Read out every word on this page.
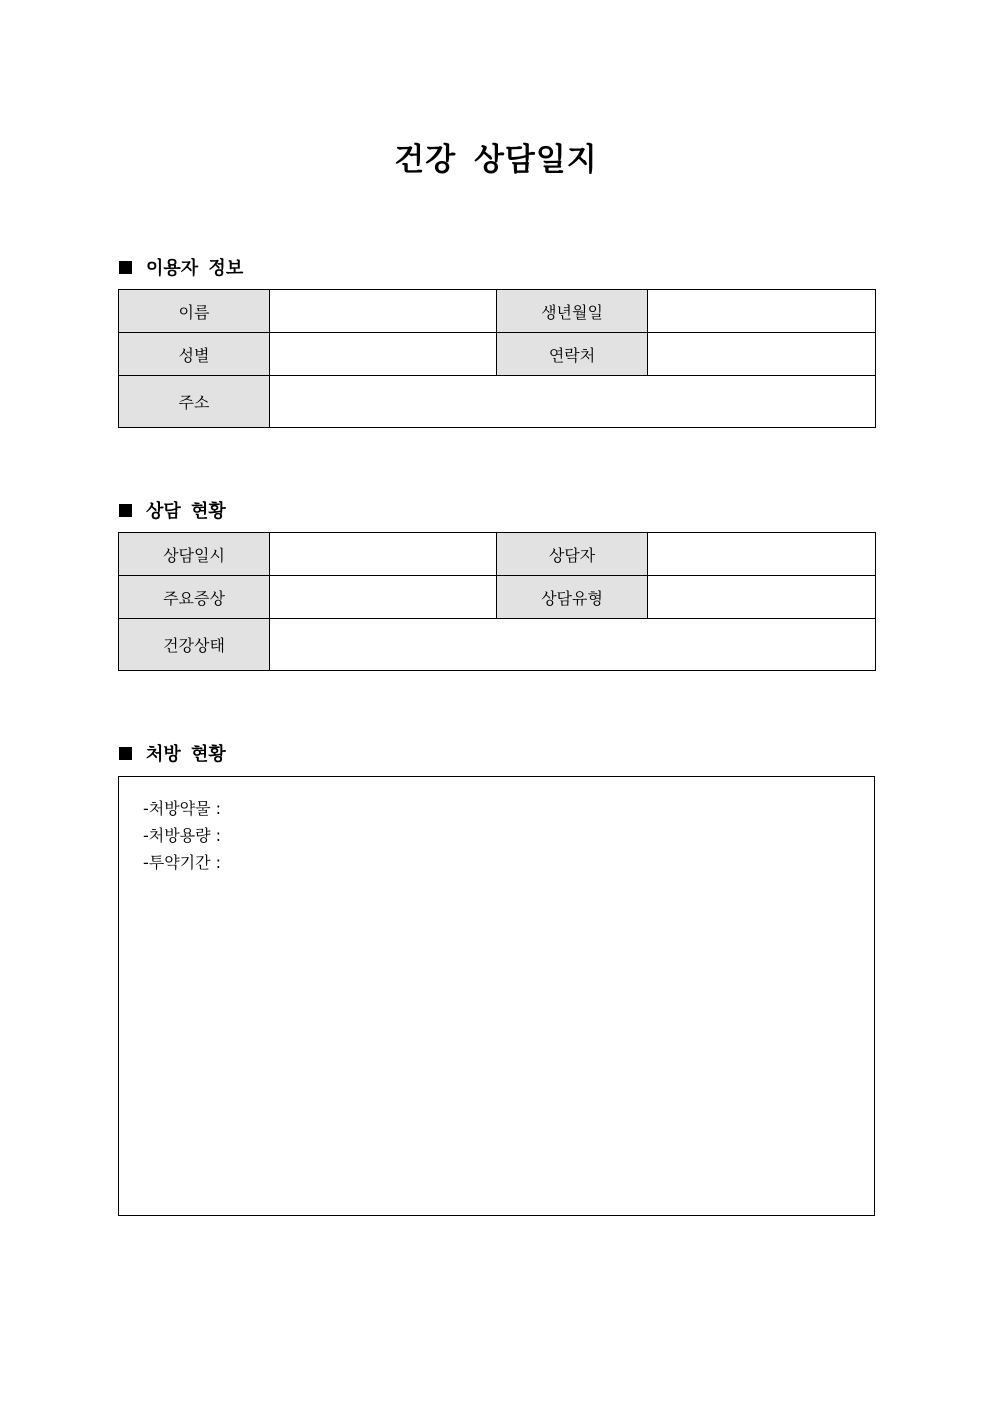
건강 상담일지
이용자 정보
이름		생년월일	
성별		연락처	
주소			
상담 현황
상담일시		상담자	
주요증상		상담유형	
건강상태			
처방 현황
-처방약물 :
-처방용량 :
-투약기간 :
